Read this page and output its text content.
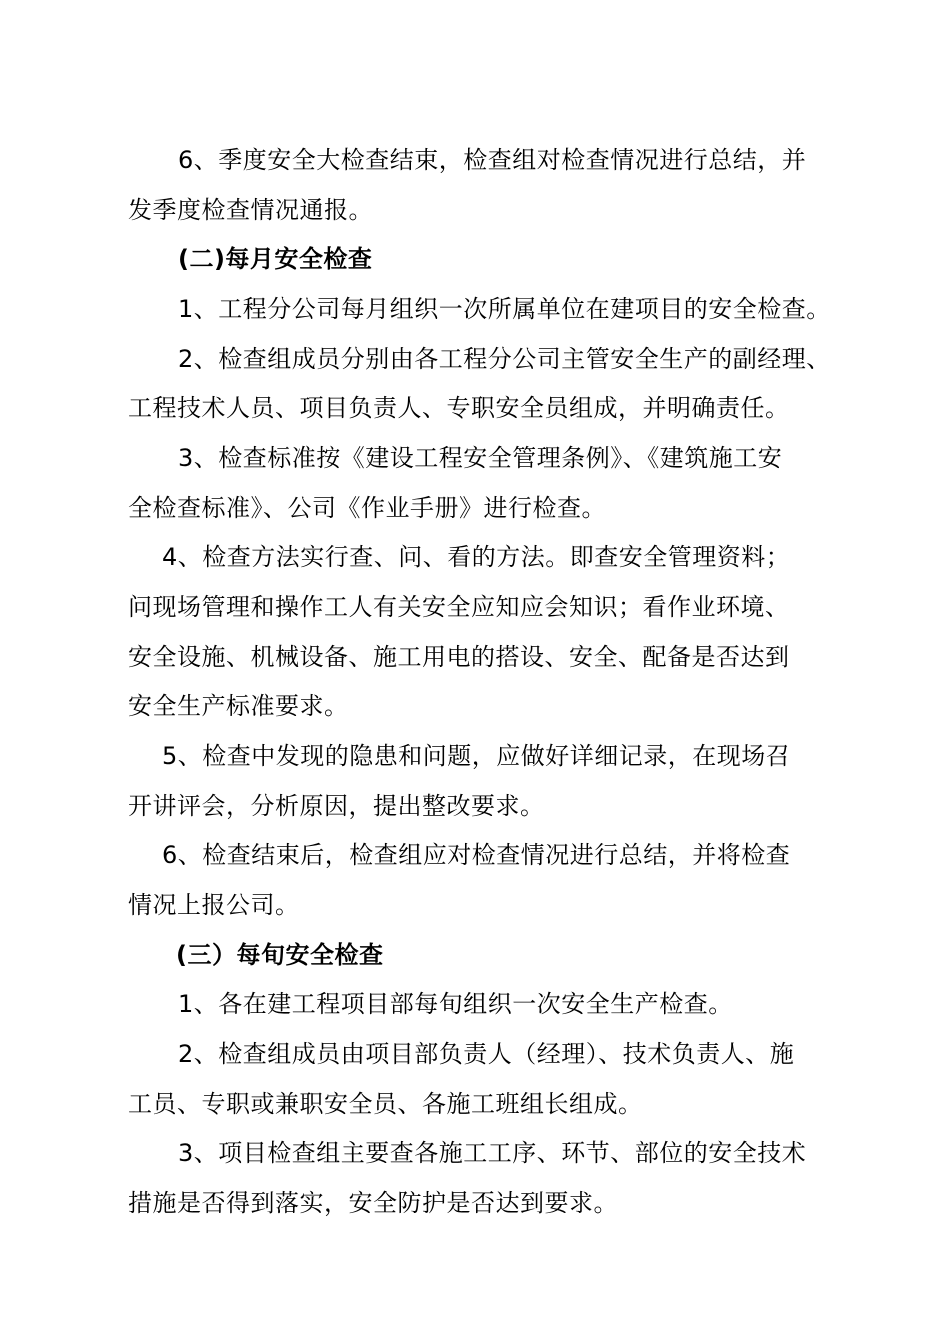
6、季度安全大检查结束，检查组对检查情况进行总结，并
发季度检查情况通报。
(二)每月安全检查
1、工程分公司每月组织一次所属单位在建项目的安全检查。
2、检查组成员分别由各工程分公司主管安全生产的副经理、
工程技术人员、项目负责人、专职安全员组成，并明确责任。
3、检查标准按《建设工程安全管理条例》、《建筑施工安
全检查标准》、公司《作业手册》进行检查。
4、检查方法实行查、问、看的方法。即查安全管理资料；
问现场管理和操作工人有关安全应知应会知识；看作业环境、
安全设施、机械设备、施工用电的搭设、安全、配备是否达到
安全生产标准要求。
5、检查中发现的隐患和问题，应做好详细记录，在现场召
开讲评会，分析原因，提出整改要求。
6、检查结束后，检查组应对检查情况进行总结，并将检查
情况上报公司。
(三）每旬安全检查
1、各在建工程项目部每旬组织一次安全生产检查。
2、检查组成员由项目部负责人（经理）、技术负责人、施
工员、专职或兼职安全员、各施工班组长组成。
3、项目检查组主要查各施工工序、环节、部位的安全技术
措施是否得到落实，安全防护是否达到要求。
